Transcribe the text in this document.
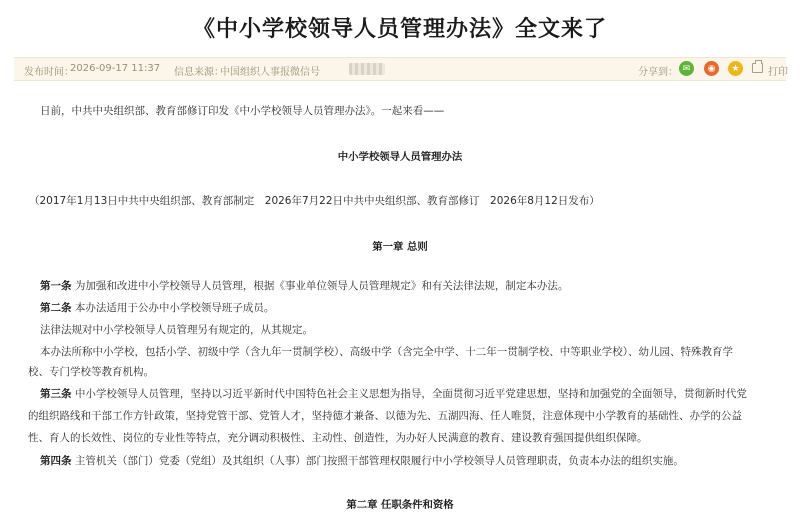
《中小学校领导人员管理办法》全文来了
发布时间：
2026-09-17 11:37 信息来源：
中国组织人事报微信号	分享到： ✉	◉	★	打印
日前，中共中央组织部、教育部修订印发《中小学校领导人员管理办法》。一起来看——
中小学校领导人员管理办法
（2017年1月13日中共中央组织部、教育部制定　2026年7月22日中共中央组织部、教育部修订　2026年8月12日发布）
第一章 总则
第一条 为加强和改进中小学校领导人员管理，根据《事业单位领导人员管理规定》和有关法律法规，制定本办法。
第二条 本办法适用于公办中小学校领导班子成员。
法律法规对中小学校领导人员管理另有规定的，从其规定。
本办法所称中小学校，包括小学、初级中学（含九年一贯制学校）、高级中学（含完全中学、十二年一贯制学校、中等职业学校）、幼儿园、特殊教育学
校、专门学校等教育机构。
第三条 中小学校领导人员管理，坚持以习近平新时代中国特色社会主义思想为指导，全面贯彻习近平党建思想，坚持和加强党的全面领导，贯彻新时代党
的组织路线和干部工作方针政策，坚持党管干部、党管人才，坚持德才兼备、以德为先、五湖四海、任人唯贤，注意体现中小学教育的基础性、办学的公益
性、育人的长效性、岗位的专业性等特点，充分调动积极性、主动性、创造性，为办好人民满意的教育、建设教育强国提供组织保障。
第四条 主管机关（部门）党委（党组）及其组织（人事）部门按照干部管理权限履行中小学校领导人员管理职责，负责本办法的组织实施。
第二章 任职条件和资格
